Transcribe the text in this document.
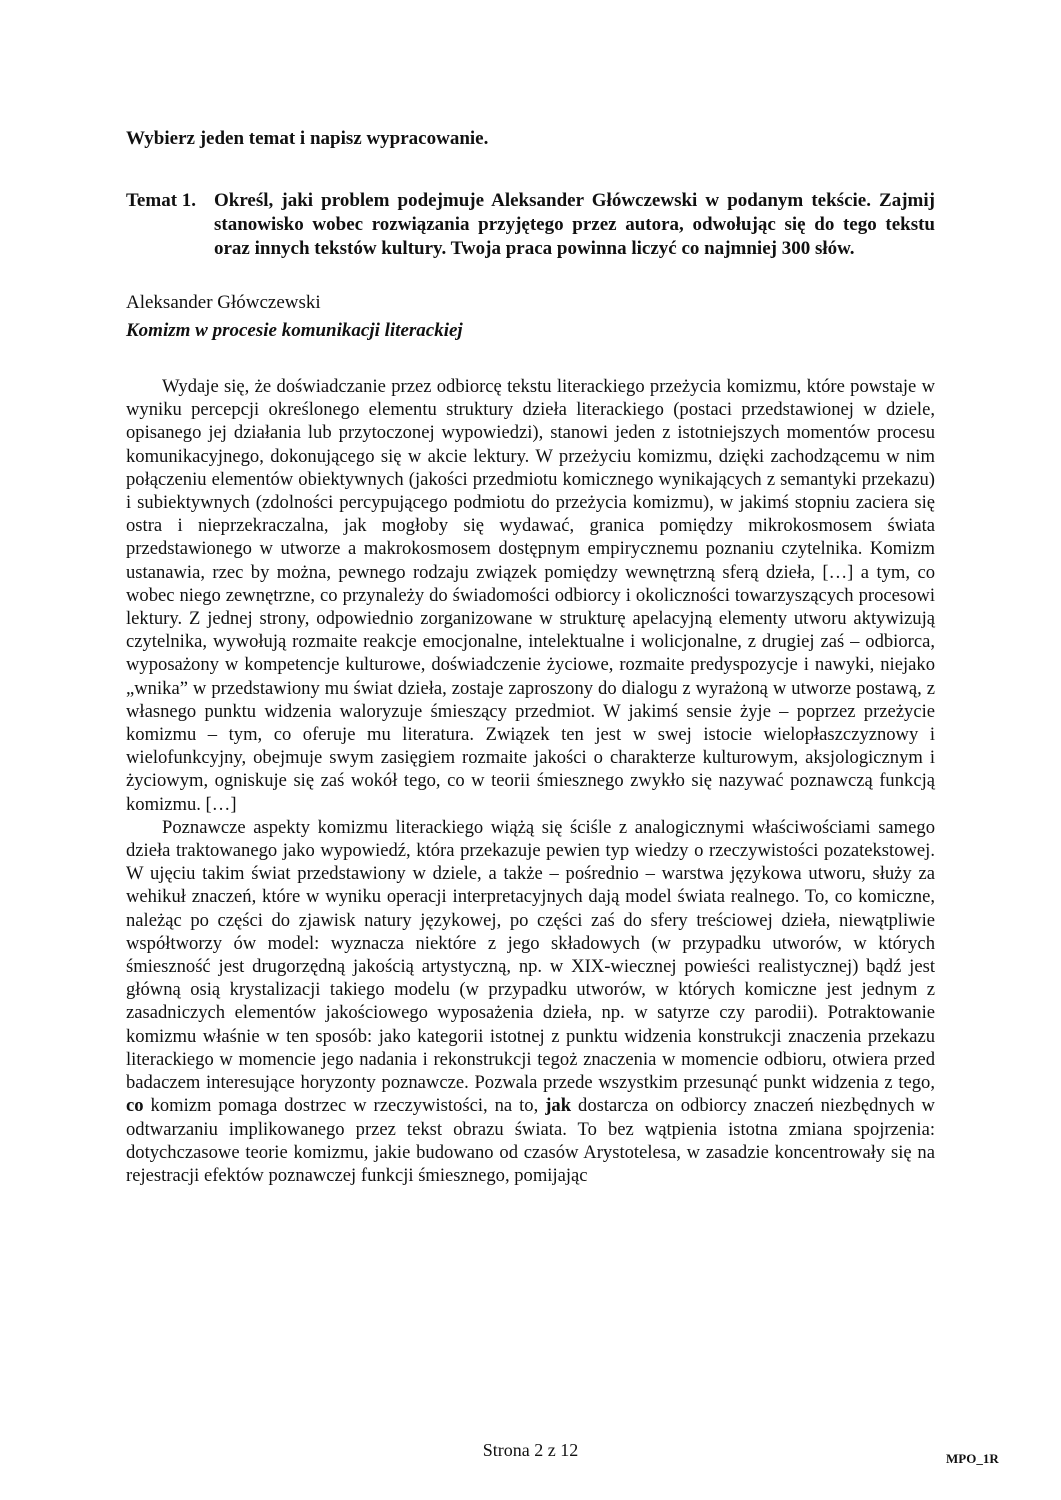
Wybierz jeden temat i napisz wypracowanie.

Temat 1. Określ, jaki problem podejmuje Aleksander Główczewski w podanym tekście. Zajmij stanowisko wobec rozwiązania przyjętego przez autora, odwołując się do tego tekstu oraz innych tekstów kultury. Twoja praca powinna liczyć co najmniej 300 słów.
Aleksander Główczewski
Komizm w procesie komunikacji literackiej

Wydaje się, że doświadczanie przez odbiorcę tekstu literackiego przeżycia komizmu, które powstaje w wyniku percepcji określonego elementu struktury dzieła literackiego (postaci przedstawionej w dziele, opisanego jej działania lub przytoczonej wypowiedzi), stanowi jeden z istotniejszych momentów procesu komunikacyjnego, dokonującego się w akcie lektury. W przeżyciu komizmu, dzięki zachodzącemu w nim połączeniu elementów obiektywnych (jakości przedmiotu komicznego wynikających z semantyki przekazu) i subiektywnych (zdolności percypującego podmiotu do przeżycia komizmu), w jakimś stopniu zaciera się ostra i nieprzekraczalna, jak mogłoby się wydawać, granica pomiędzy mikrokosmosem świata przedstawionego w utworze a makrokosmosem dostępnym empirycznemu poznaniu czytelnika. Komizm ustanawia, rzec by można, pewnego rodzaju związek pomiędzy wewnętrzną sferą dzieła, […] a tym, co wobec niego zewnętrzne, co przynależy do świadomości odbiorcy i okoliczności towarzyszących procesowi lektury. Z jednej strony, odpowiednio zorganizowane w strukturę apelacyjną elementy utworu aktywizują czytelnika, wywołują rozmaite reakcje emocjonalne, intelektualne i wolicjonalne, z drugiej zaś – odbiorca, wyposażony w kompetencje kulturowe, doświadczenie życiowe, rozmaite predyspozycje i nawyki, niejako „wnika” w przedstawiony mu świat dzieła, zostaje zaproszony do dialogu z wyrażoną w utworze postawą, z własnego punktu widzenia waloryzuje śmieszący przedmiot. W jakimś sensie żyje – poprzez przeżycie komizmu – tym, co oferuje mu literatura. Związek ten jest w swej istocie wielopłaszczyznowy i wielofunkcyjny, obejmuje swym zasięgiem rozmaite jakości o charakterze kulturowym, aksjologicznym i życiowym, ogniskuje się zaś wokół tego, co w teorii śmiesznego zwykło się nazywać poznawczą funkcją komizmu. […]

Poznawcze aspekty komizmu literackiego wiążą się ściśle z analogicznymi właściwościami samego dzieła traktowanego jako wypowiedź, która przekazuje pewien typ wiedzy o rzeczywistości pozatekstowej. W ujęciu takim świat przedstawiony w dziele, a także – pośrednio – warstwa językowa utworu, służy za wehikuł znaczeń, które w wyniku operacji interpretacyjnych dają model świata realnego. To, co komiczne, należąc po części do zjawisk natury językowej, po części zaś do sfery treściowej dzieła, niewątpliwie współtworzy ów model: wyznacza niektóre z jego składowych (w przypadku utworów, w których śmieszność jest drugorzędną jakością artystyczną, np. w XIX-wiecznej powieści realistycznej) bądź jest główną osią krystalizacji takiego modelu (w przypadku utworów, w których komiczne jest jednym z zasadniczych elementów jakościowego wyposażenia dzieła, np. w satyrze czy parodii). Potraktowanie komizmu właśnie w ten sposób: jako kategorii istotnej z punktu widzenia konstrukcji znaczenia przekazu literackiego w momencie jego nadania i rekonstrukcji tegoż znaczenia w momencie odbioru, otwiera przed badaczem interesujące horyzonty poznawcze. Pozwala przede wszystkim przesunąć punkt widzenia z tego, co komizm pomaga dostrzec w rzeczywistości, na to, jak dostarcza on odbiorcy znaczeń niezbędnych w odtwarzaniu implikowanego przez tekst obrazu świata. To bez wątpienia istotna zmiana spojrzenia: dotychczasowe teorie komizmu, jakie budowano od czasów Arystotelesa, w zasadzie koncentrowały się na rejestracji efektów poznawczej funkcji śmiesznego, pomijając

Strona 2 z 12	MPO_1R
